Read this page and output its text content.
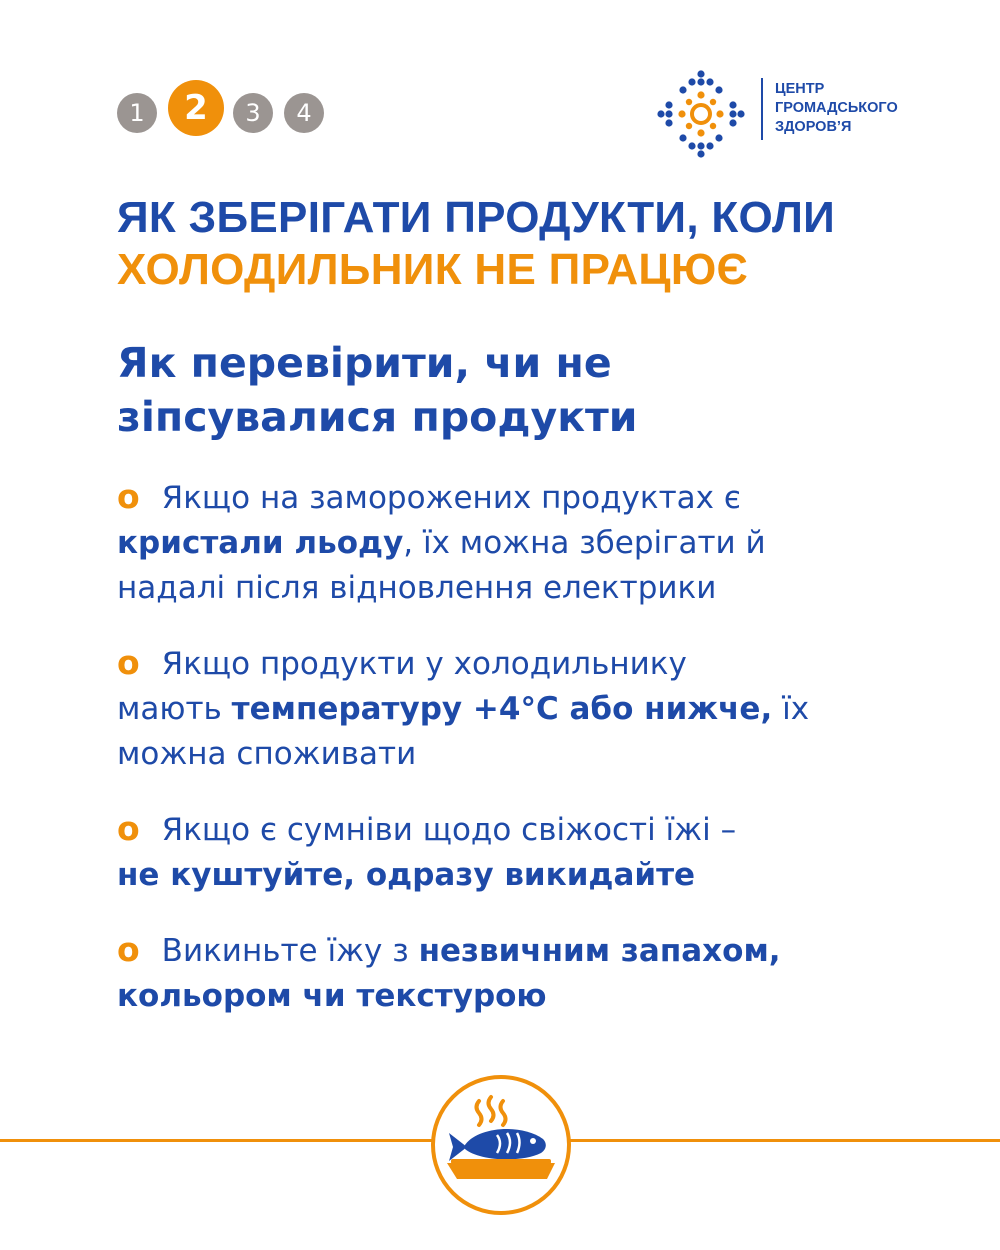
1	2	3	4
ЦЕНТР
ГРОМАДСЬКОГО
ЗДОРОВ’Я
ЯК ЗБЕРІГАТИ ПРОДУКТИ, КОЛИ
ХОЛОДИЛЬНИК НЕ ПРАЦЮЄ
Як перевірити, чи не
зіпсувалися продукти
o Якщо на заморожених продуктах є
кристали льоду, їх можна зберігати й
надалі після відновлення електрики
o Якщо продукти у холодильнику
мають температуру +4°С або нижче, їх
можна споживати
o Якщо є сумніви щодо свіжості їжі –
не куштуйте, одразу викидайте
o Викиньте їжу з незвичним запахом,
кольором чи текстурою
